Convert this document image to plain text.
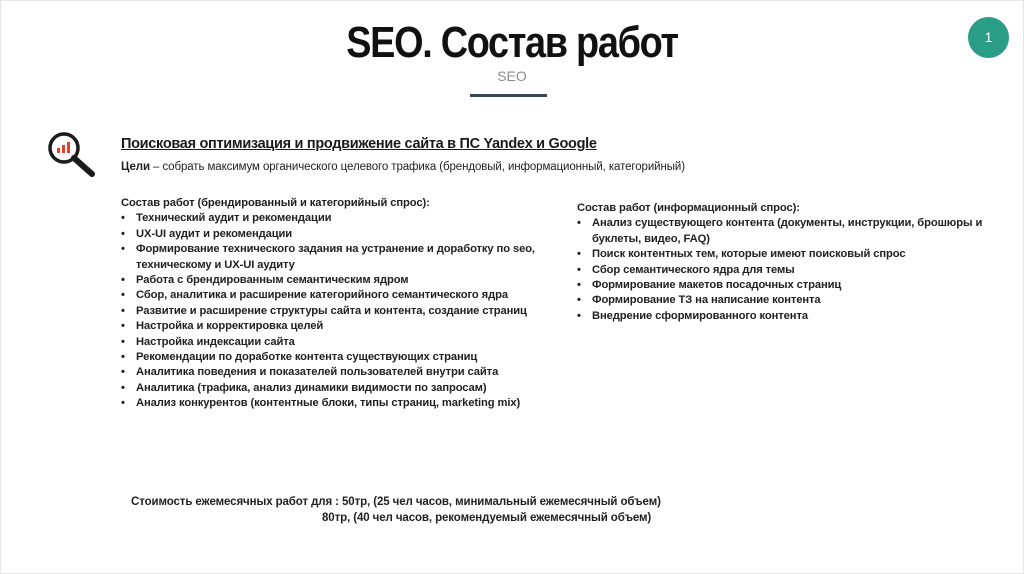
SEO. Состав работ
SEO
1
Поисковая оптимизация и продвижение сайта в ПС Yandex и Google
Цели – собрать максимум органического целевого трафика (брендовый, информационный, категорийный)

Состав работ (брендированный и категорийный спрос):

• Технический аудит и рекомендации
• UX-UI аудит и рекомендации
• Формирование технического задания на устранение и доработку по seo, техническому и UX-UI аудиту
• Работа с брендированным семантическим ядром
• Сбор, аналитика и расширение категорийного семантического ядра
• Развитие и расширение структуры сайта и контента, создание страниц
• Настройка и корректировка целей
• Настройка индексации сайта
• Рекомендации по доработке контента существующих страниц
• Аналитика поведения и показателей пользователей внутри сайта
• Аналитика (трафика, анализ динамики видимости по запросам)
• Анализ конкурентов (контентные блоки, типы страниц, marketing mix)

Состав работ (информационный спрос):

• Анализ существующего контента (документы, инструкции, брошюры и буклеты, видео, FAQ)
• Поиск контентных тем, которые имеют поисковый спрос
• Сбор семантического ядра для темы
• Формирование макетов посадочных страниц
• Формирование ТЗ на написание контента
• Внедрение сформированного контента
Стоимость ежемесячных работ для : 50тр, (25 чел часов, минимальный ежемесячный объем)
80тр, (40 чел часов, рекомендуемый ежемесячный объем)
